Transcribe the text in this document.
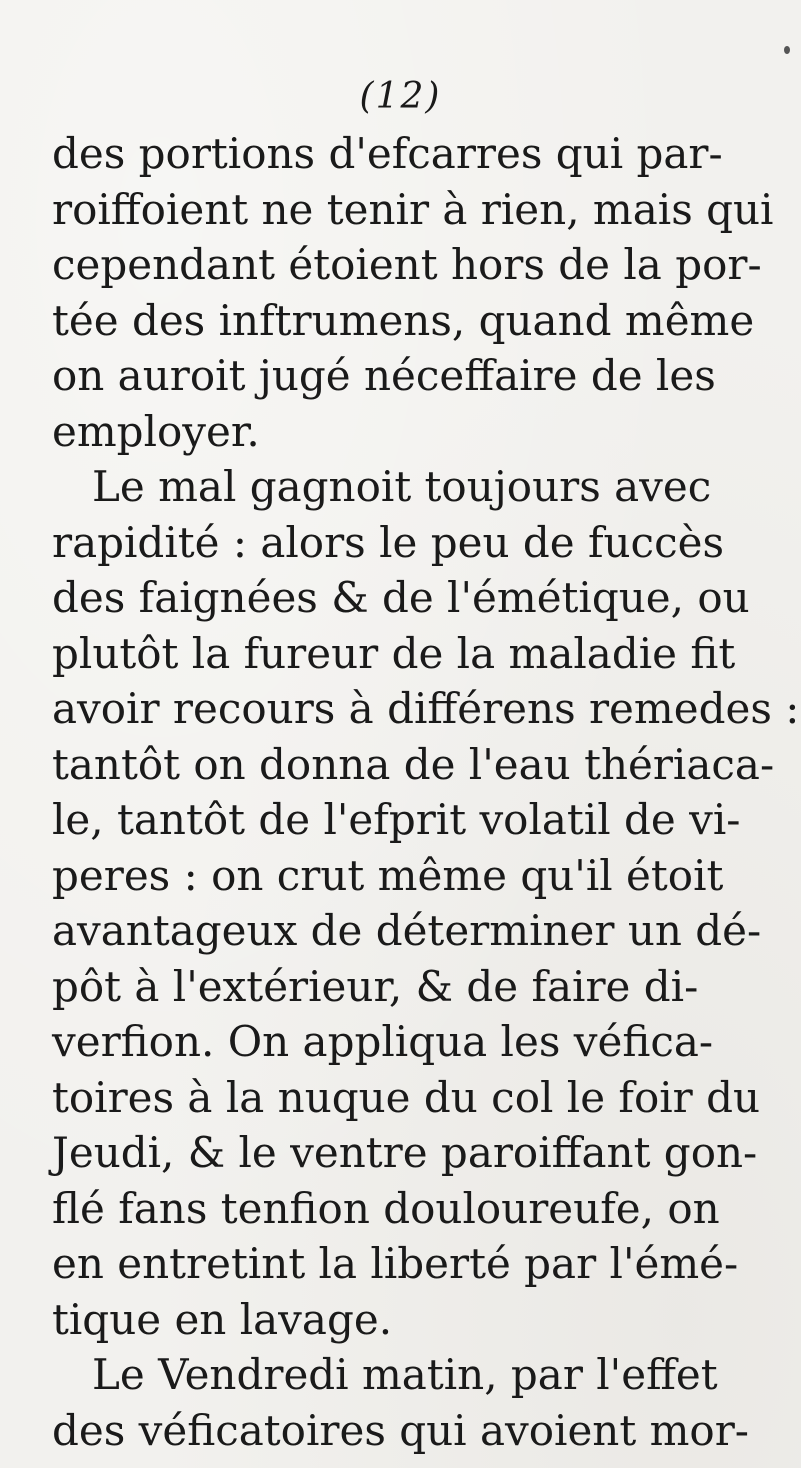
(12)
des portions d'efcarres qui par-
roiffoient ne tenir à rien, mais qui
cependant étoient hors de la por-
tée des inftrumens, quand même
on auroit jugé néceffaire de les
employer.
Le mal gagnoit toujours avec
rapidité : alors le peu de fuccès
des faignées & de l'émétique, ou
plutôt la fureur de la maladie fit
avoir recours à différens remedes :
tantôt on donna de l'eau thériaca-
le, tantôt de l'efprit volatil de vi-
peres : on crut même qu'il étoit
avantageux de déterminer un dé-
pôt à l'extérieur, & de faire di-
verfion. On appliqua les véfica-
toires à la nuque du col le foir du
Jeudi, & le ventre paroiffant gon-
flé fans tenfion douloureufe, on
en entretint la liberté par l'émé-
tique en lavage.
Le Vendredi matin, par l'effet
des véficatoires qui avoient mor-
